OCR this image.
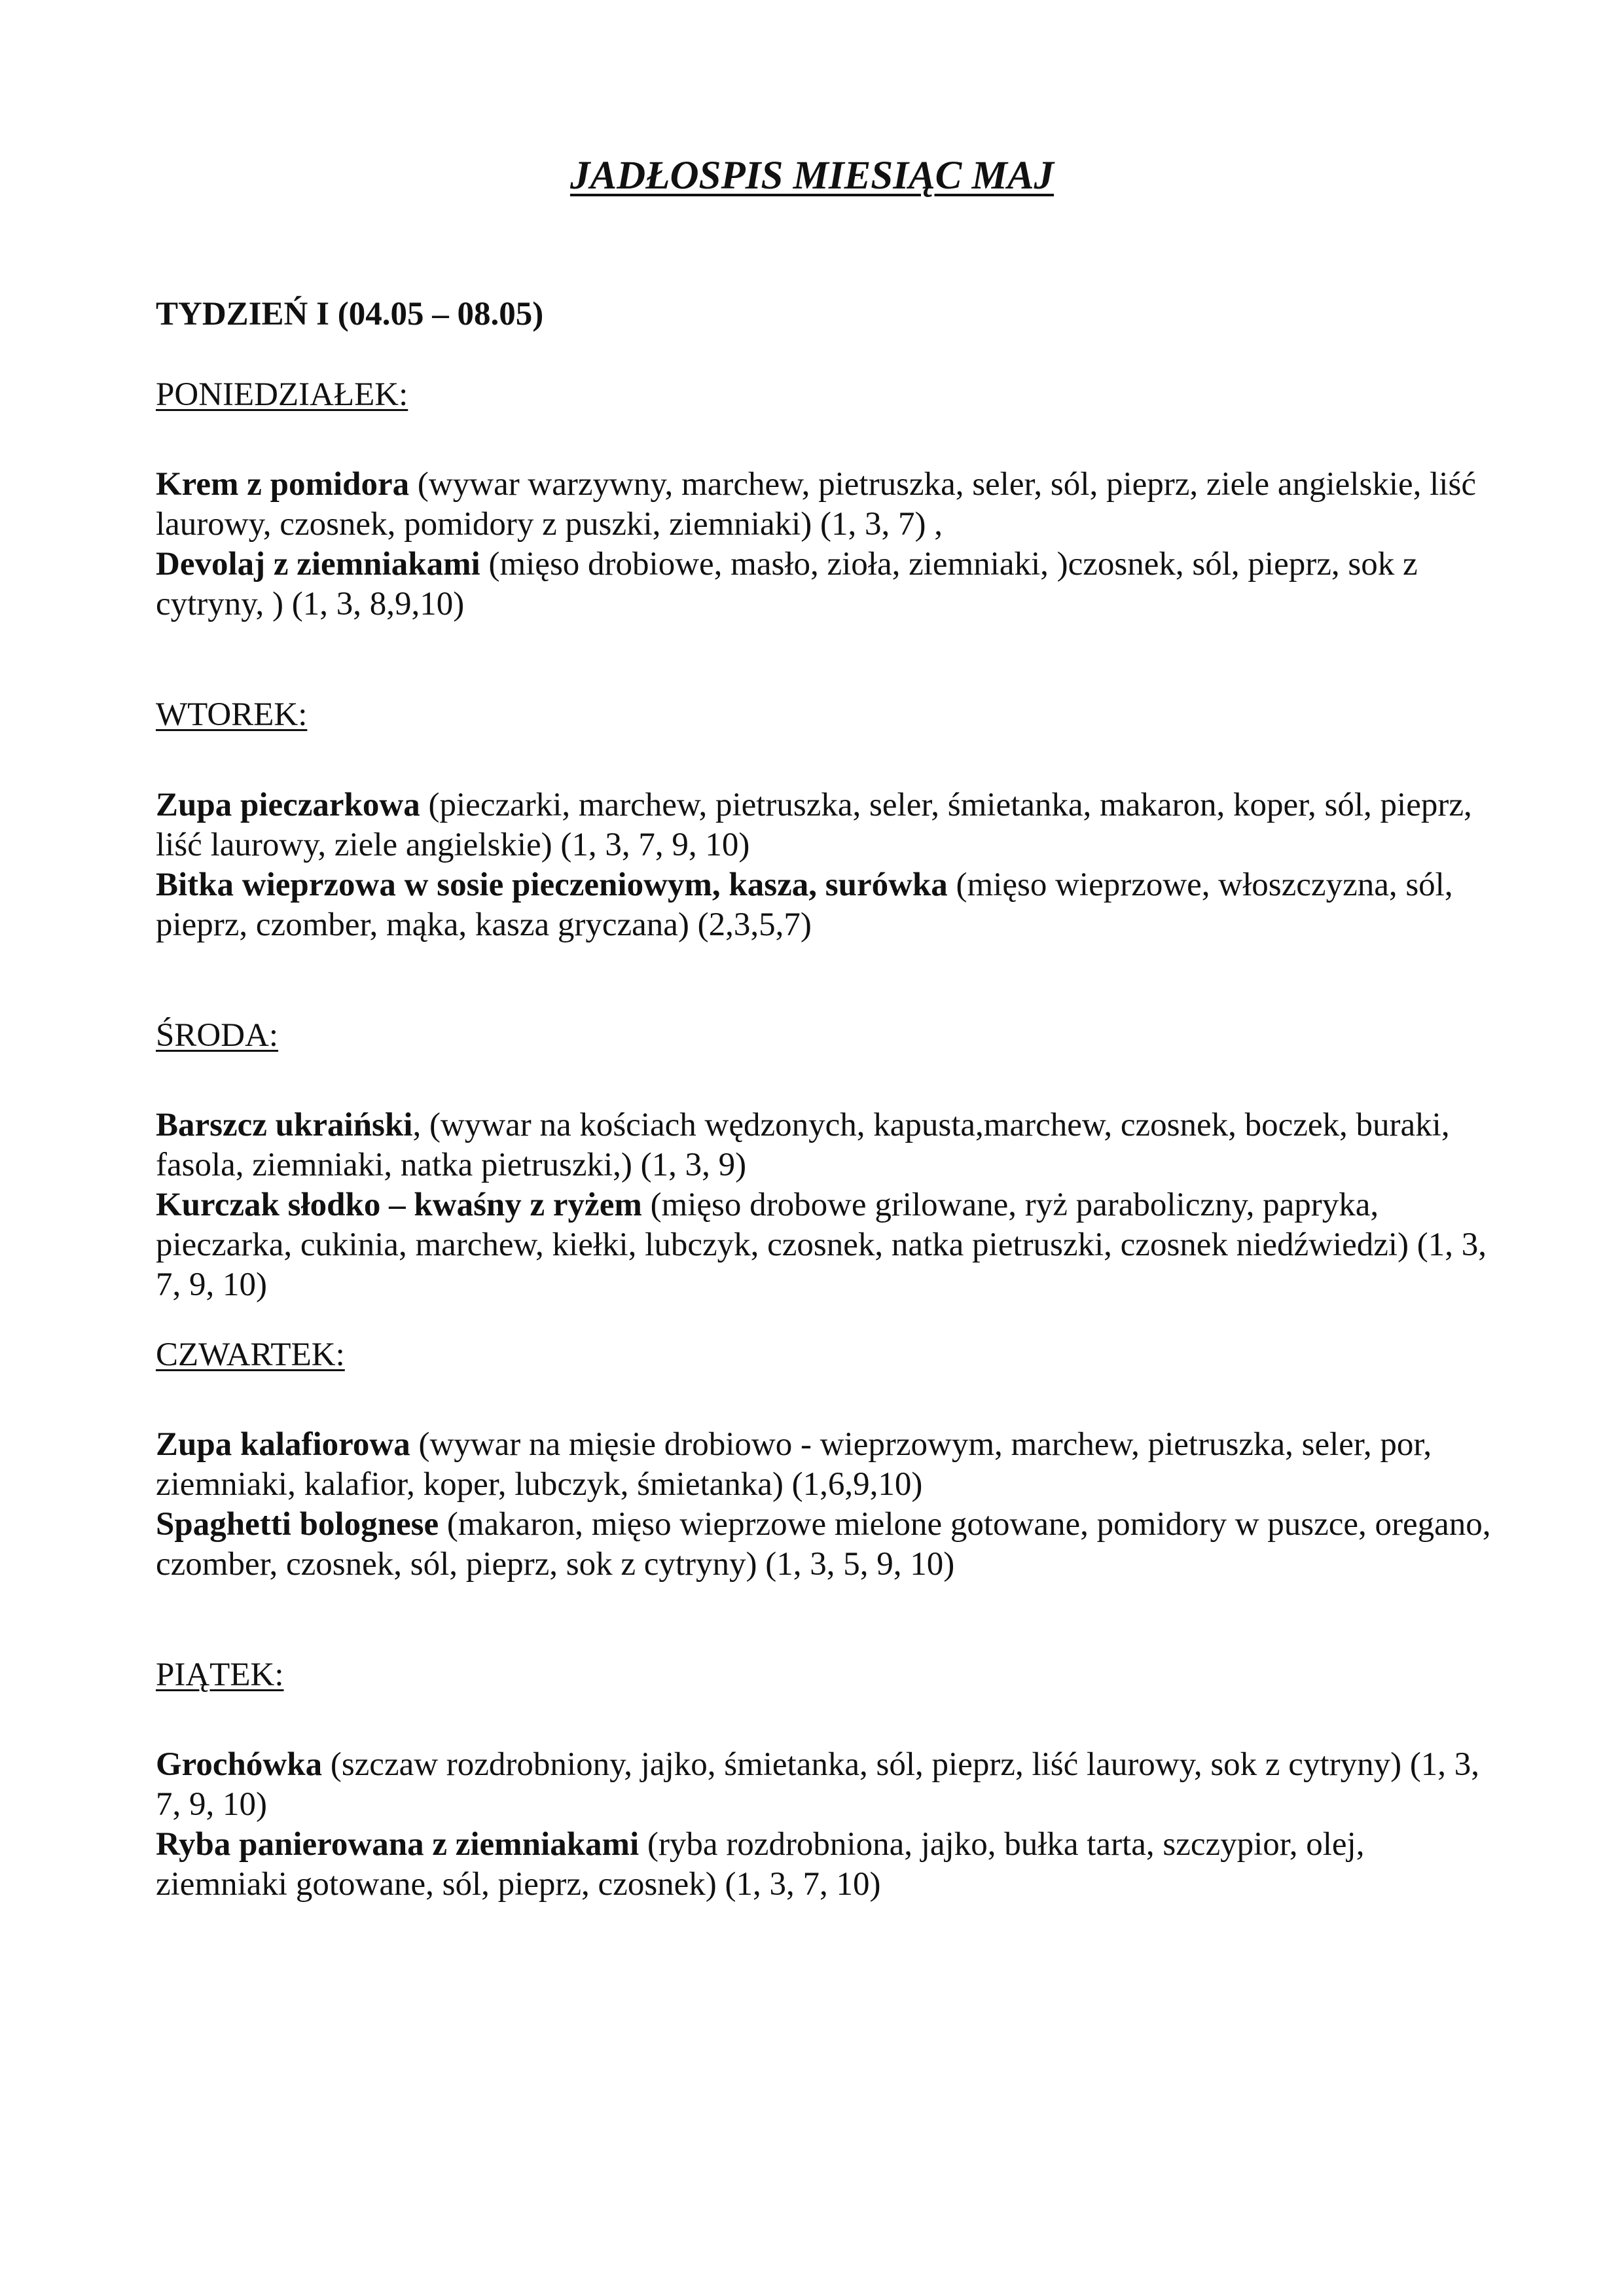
JADŁOSPIS MIESIĄC MAJ

TYDZIEŃ I (04.05 – 08.05)

PONIEDZIAŁEK:

Krem z pomidora (wywar warzywny, marchew, pietruszka, seler, sól, pieprz, ziele angielskie, liść laurowy, czosnek, pomidory z puszki, ziemniaki) (1, 3, 7) ,

Devolaj z ziemniakami (mięso drobiowe, masło, zioła, ziemniaki, )czosnek, sól, pieprz, sok z cytryny, ) (1, 3, 8,9,10)

WTOREK:

Zupa pieczarkowa (pieczarki, marchew, pietruszka, seler, śmietanka, makaron, koper, sól, pieprz, liść laurowy, ziele angielskie) (1, 3, 7, 9, 10)

Bitka wieprzowa w sosie pieczeniowym, kasza, surówka (mięso wieprzowe, włoszczyzna, sól, pieprz, czomber, mąka, kasza gryczana) (2,3,5,7)

ŚRODA:

Barszcz ukraiński, (wywar na kościach wędzonych, kapusta,marchew, czosnek, boczek, buraki, fasola, ziemniaki, natka pietruszki,) (1, 3, 9)

Kurczak słodko – kwaśny z ryżem (mięso drobowe grilowane, ryż paraboliczny, papryka, pieczarka, cukinia, marchew, kiełki, lubczyk, czosnek, natka pietruszki, czosnek niedźwiedzi) (1, 3, 7, 9, 10)

CZWARTEK:

Zupa kalafiorowa (wywar na mięsie drobiowo - wieprzowym, marchew, pietruszka, seler, por, ziemniaki, kalafior, koper, lubczyk, śmietanka) (1,6,9,10)

Spaghetti bolognese (makaron, mięso wieprzowe mielone gotowane, pomidory w puszce, oregano, czomber, czosnek, sól, pieprz, sok z cytryny) (1, 3, 5, 9, 10)

PIĄTEK:

Grochówka (szczaw rozdrobniony, jajko, śmietanka, sól, pieprz, liść laurowy, sok z cytryny) (1, 3, 7, 9, 10)

Ryba panierowana z ziemniakami (ryba rozdrobniona, jajko, bułka tarta, szczypior, olej, ziemniaki gotowane, sól, pieprz, czosnek) (1, 3, 7, 10)
